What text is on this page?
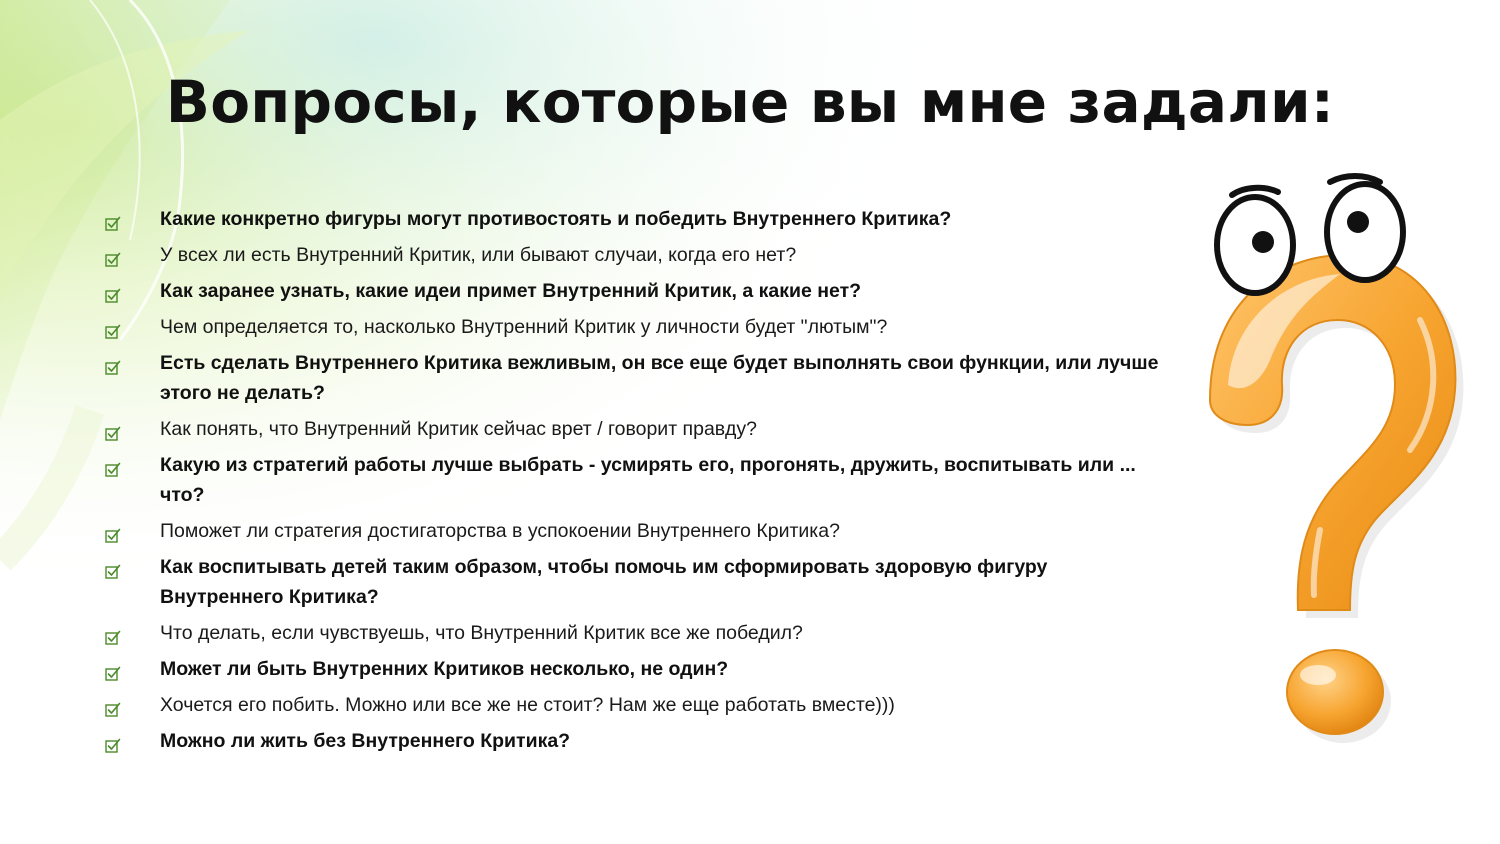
Вопросы, которые вы мне задали:
Какие конкретно фигуры могут противостоять и победить Внутреннего Критика?
У всех ли есть Внутренний Критик, или бывают случаи, когда его нет?
Как заранее узнать, какие идеи примет Внутренний Критик, а какие нет?
Чем определяется то, насколько Внутренний Критик у личности будет "лютым"?
Есть сделать Внутреннего Критика вежливым, он все еще будет выполнять свои функции, или лучше этого не делать?
Как понять, что Внутренний Критик сейчас врет / говорит правду?
Какую из стратегий работы лучше выбрать - усмирять его, прогонять, дружить, воспитывать или ... что?
Поможет ли стратегия достигаторства в успокоении Внутреннего Критика?
Как воспитывать детей таким образом, чтобы помочь им сформировать здоровую фигуру Внутреннего Критика?
Что делать, если чувствуешь, что Внутренний Критик все же победил?
Может ли быть Внутренних Критиков несколько, не один?
Хочется его побить. Можно или все же не стоит? Нам же еще работать вместе)))
Можно ли жить без Внутреннего Критика?
